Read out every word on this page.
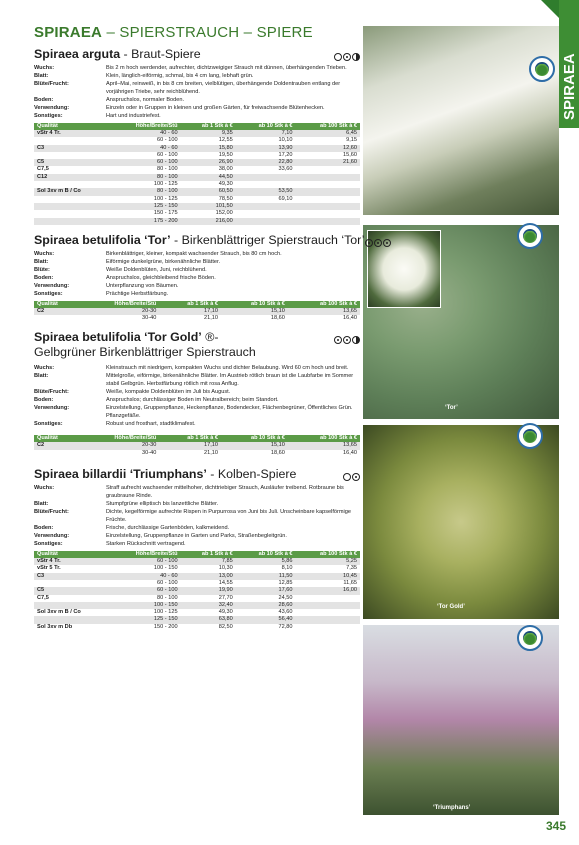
SPIRAEA
‘Tor’
‘Tor Gold’
‘Triumphans’
345
SPIRAEA – SPIERSTRAUCH – SPIERE
Spiraea arguta - Braut-Spiere
Wuchs:	Bis 2 m hoch werdender, aufrechter, dichtzweigiger Strauch mit dünnen, überhängenden Trieben.
Blatt:	Klein, länglich-eiförmig, schmal, bis 4 cm lang, lebhaft grün.
Blüte/Frucht:	April–Mai, reinweiß, in bis 8 cm breiten, vielblütigen, überhängende Doldentrauben entlang der vorjährigen Triebe, sehr reichblühend.
Boden:	Anspruchslos, normaler Boden.
Verwendung:	Einzeln oder in Gruppen in kleinen und großen Gärten, für freiwachsende Blütenhecken.
Sonstiges:	Hart und industriefest.
Qualität	Höhe/Breite/Stü	ab 1 Stk à €	ab 10 Stk à €	ab 100 Stk à €
vStr 4 Tr.	40 - 60	9,35	7,10	6,45
	60 - 100	12,55	10,10	9,15
C3	40 - 60	15,80	13,90	12,60
	60 - 100	19,50	17,20	15,60
C5	60 - 100	26,90	22,80	21,60
C7,5	80 - 100	38,00	33,60	
C12	80 - 100	44,50		
	100 - 125	49,30		
Sol 3xv m B / Co	80 - 100	60,50	53,50	
	100 - 125	78,50	69,10	
	125 - 150	101,50		
	150 - 175	152,00		
	175 - 200	216,00		
Spiraea betulifolia ‘Tor’ - Birkenblättriger Spierstrauch ‘Tor’
Wuchs:	Birkenblättriger, kleiner, kompakt wachsender Strauch, bis 80 cm hoch.
Blatt:	Eiförmige dunkelgrüne, birkenähnliche Blätter.
Blüte:	Weiße Doldenblüten, Juni, reichblühend.
Boden:	Anspruchslos, gleichbleibend frische Böden.
Verwendung:	Unterpflanzung von Bäumen.
Sonstiges:	Prächtige Herbstfärbung.
Qualität	Höhe/Breite/Stü	ab 1 Stk à €	ab 10 Stk à €	ab 100 Stk à €
C2	20-30	17,10	15,10	13,65
	30-40	21,10	18,60	16,40
Spiraea betulifolia ‘Tor Gold’ ®-
Gelbgrüner Birkenblättriger Spierstrauch
Wuchs:	Kleinstrauch mit niedrigem, kompakten Wuchs und dichter Belaubung. Wird 60 cm hoch und breit.
Blatt:	Mittelgroße, eiförmige, birkenähnliche Blätter. Im Austrieb rötlich braun ist die Laubfarbe im Sommer stabil Gelbgrün. Herbstfärbung rötlich mit rosa Anflug.
Blüte/Frucht:	Weiße, kompakte Doldenblüten im Juli bis August.
Boden:	Anspruchslos; durchlässiger Boden im Neutralbereich; beim Standort.
Verwendung:	Einzelstellung, Gruppenpflanze, Heckenpflanze, Bodendecker, Flächenbegrüner, Öffentliches Grün. Pflanzgefäße.
Sonstiges:	Robust und frosthart, stadtklimafest.
Qualität	Höhe/Breite/Stü	ab 1 Stk à €	ab 10 Stk à €	ab 100 Stk à €
C2	20-30	17,10	15,10	13,65
	30-40	21,10	18,60	16,40
Spiraea billardii ‘Triumphans’ - Kolben-Spiere
Wuchs:	Straff aufrecht wachsender mittelhoher, dichttriebiger Strauch, Ausläufer treibend. Rotbraune bis graubraune Rinde.
Blatt:	Stumpfgrüne elliptisch bis lanzettliche Blätter.
Blüte/Frucht:	Dichte, kegelförmige aufrechte Rispen in Purpurrosa von Juni bis Juli. Unscheinbare kapselförmige Früchte.
Boden:	Frische, durchlässige Gartenböden, kalkmeidend.
Verwendung:	Einzelstellung, Gruppenpflanze in Garten und Parks, Straßenbegleitgrün.
Sonstiges:	Starken Rückschnitt vertragend.
Qualität	Höhe/Breite/Stü	ab 1 Stk à €	ab 10 Stk à €	ab 100 Stk à €
vStr 4 Tr.	60 - 100	7,85	5,86	5,25
vStr 5 Tr.	100 - 150	10,30	8,10	7,35
C3	40 - 60	13,00	11,50	10,45
	60 - 100	14,55	12,85	11,65
C5	60 - 100	19,90	17,60	16,00
C7,5	80 - 100	27,70	24,50	
	100 - 150	32,40	28,60	
Sol 3xv m B / Co	100 - 125	49,30	43,60	
	125 - 150	63,80	56,40	
Sol 3xv m Db	150 - 200	82,50	72,80	
